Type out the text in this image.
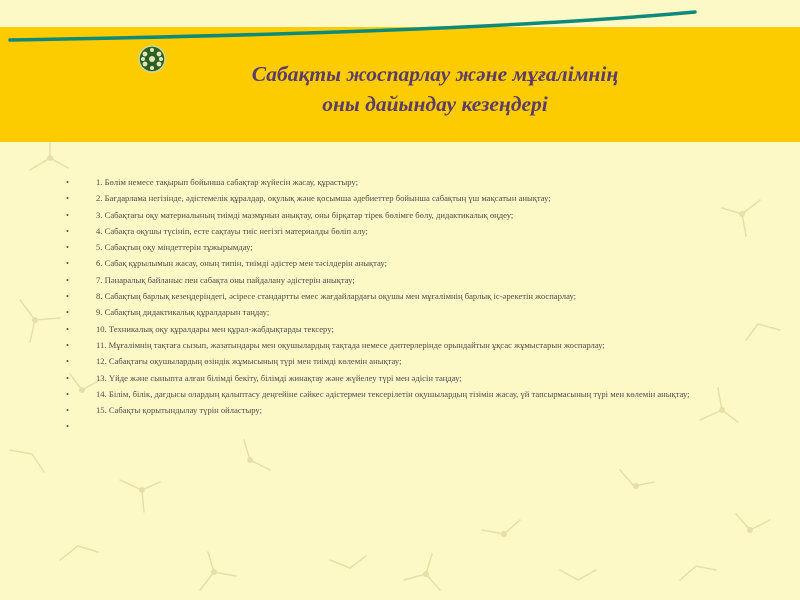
Сабақты жоспарлау және мұғалімнің
оны дайындау кезеңдері
•	1. Бөлім немесе тақырып бойынша сабақтар жүйесін жасау, құрастыру;
•	2. Бағдарлама негізінде, әдістемелік құралдар, оқулық және қосымша әдебиеттер бойынша сабақтың үш мақсатын анықтау;
•	3. Сабақтағы оқу материалының тиімді мазмұнын анықтау, оны бірқатар тірек бөлімге бөлу, дидактикалық өңдеу;
•	4. Сабақта оқушы түсініп, есте сақтауы тиіс негізгі материалды бөліп алу;
•	5. Сабақтың оқу міндеттерін тұжырымдау;
•	6. Сабақ құрылымын жасау, оның типін, тиімді әдістер мен тәсілдерін анықтау;
•	7. Пәнаралық байланыс пен сабақта оны пайдалану әдістерін анықтау;
•	8. Сабақтың барлық кезеңдеріндегі, әсіресе стандартты емес жағдайлардағы оқушы мен мұғалімнің барлық іс-әрекетін жоспарлау;
•	9. Сабақтың дидактикалық құралдарын таңдау;
•	10. Техникалық оқу құралдары мен құрал-жабдықтарды тексеру;
•	11. Мұғалімнің тақтаға сызып, жазатындары мен оқушылардың тақтада немесе дәптерлерінде орындайтын ұқсас жұмыстарын жоспарлау;
•	12. Сабақтағы оқушылардың өзіндік жұмысының түрі мен тиімді көлемін анықтау;
•	13. Үйде және сыныпта алған білімді бекіту, білімді жинақтау және жүйелеу түрі мен әдісін таңдау;
•	14. Білім, білік, дағдысы олардың қалыптасу деңгейіне сәйкес әдістермен тексерілетін оқушылардың тізімін жасау, үй тапсырмасының түрі мен көлемін анықтау;
•	15. Сабақты қорытындылау түрін ойластыру;
•
